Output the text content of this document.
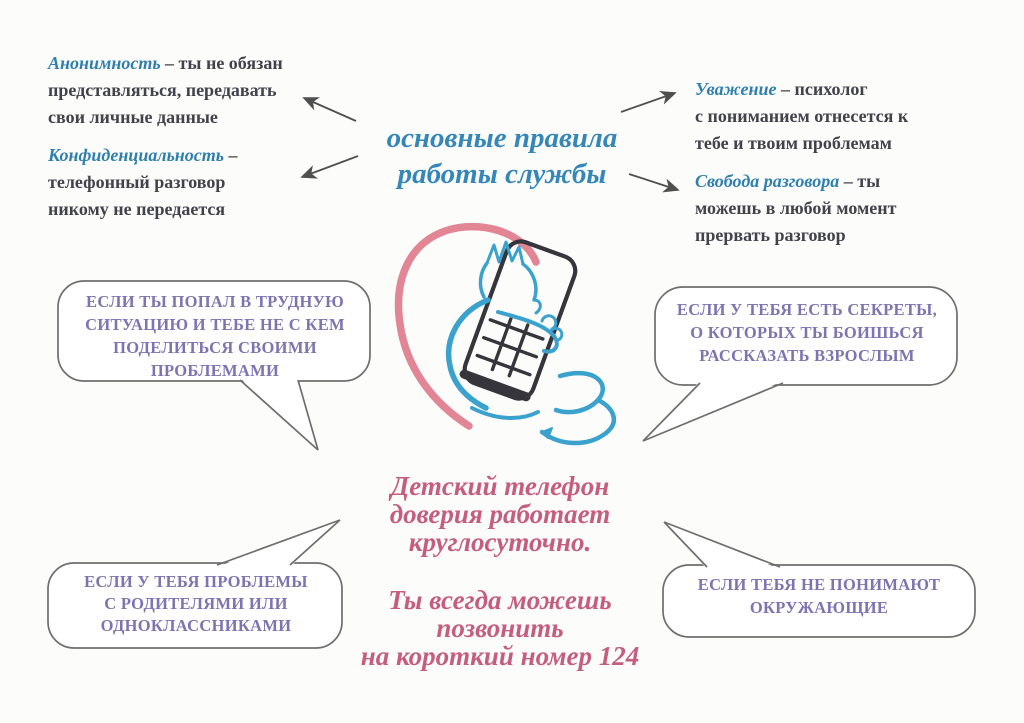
Анонимность – ты не обязан
представляться, передавать
свои личные данные
Конфиденциальность –
телефонный разговор
никому не передается
Уважение – психолог
с пониманием отнесется к
тебе и твоим проблемам
Свобода разговора – ты
можешь в любой момент
прервать разговор
основные правила
работы службы
ЕСЛИ ТЫ ПОПАЛ В ТРУДНУЮ
СИТУАЦИЮ И ТЕБЕ НЕ С КЕМ
ПОДЕЛИТЬСЯ СВОИМИ
ПРОБЛЕМАМИ
ЕСЛИ У ТЕБЯ ЕСТЬ СЕКРЕТЫ,
О КОТОРЫХ ТЫ БОИШЬСЯ
РАССКАЗАТЬ ВЗРОСЛЫМ
ЕСЛИ У ТЕБЯ ПРОБЛЕМЫ
С РОДИТЕЛЯМИ ИЛИ
ОДНОКЛАССНИКАМИ
ЕСЛИ ТЕБЯ НЕ ПОНИМАЮТ
ОКРУЖАЮЩИЕ
Детский телефон
доверия работает
круглосуточно.
Ты всегда можешь
позвонить
на короткий номер 124
